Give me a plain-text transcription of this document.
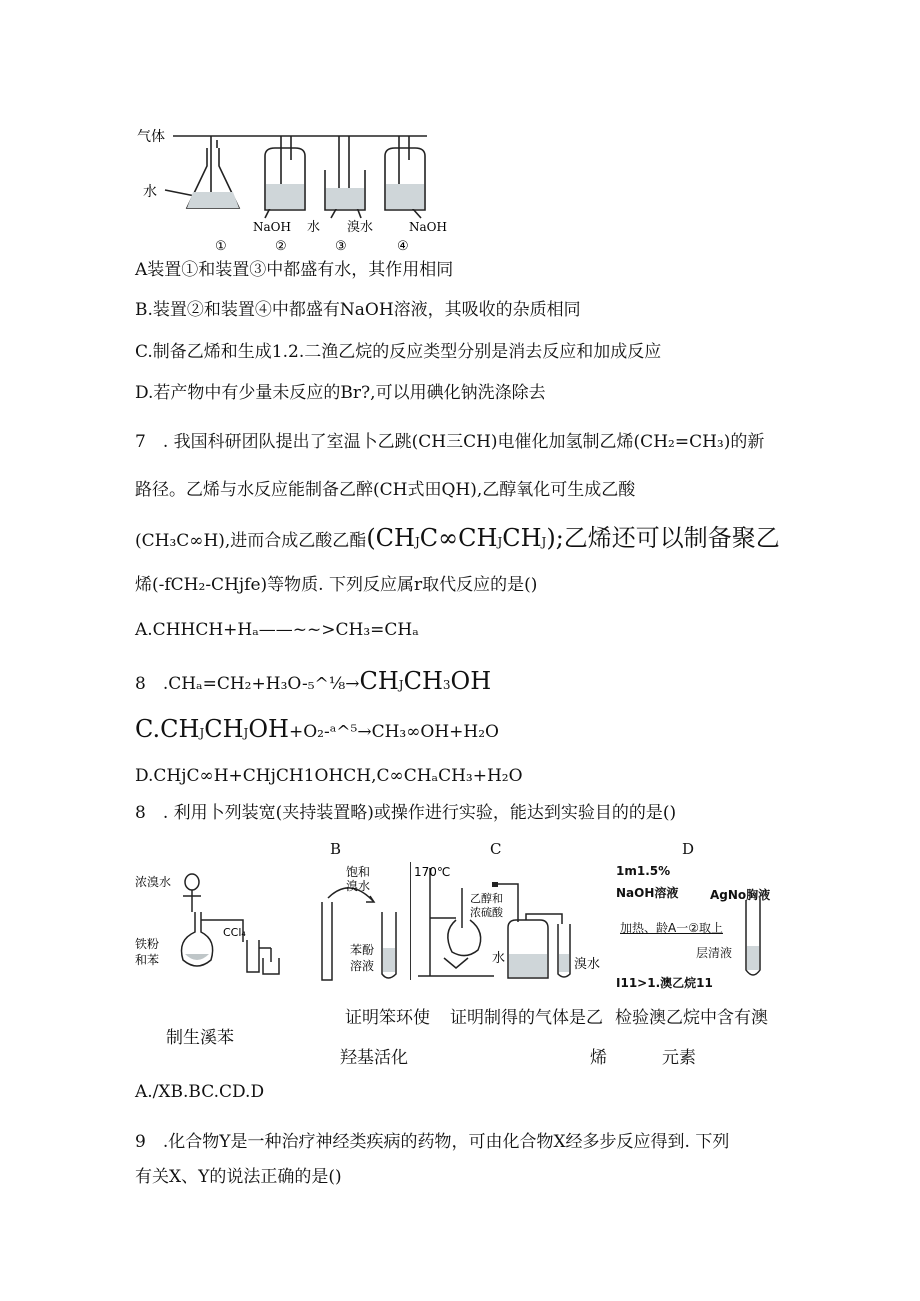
气体
水
NaOH 水 溴水	NaOH
①	②	③	④
A装置①和装置③中都盛有水，其作用相同
B.装置②和装置④中都盛有NaOH溶液，其吸收的杂质相同
C.制备乙烯和生成1.2.二渔乙烷的反应类型分别是消去反应和加成反应
D.若产物中有少量未反应的Br?,可以用碘化钠洗涤除去
7　. 我国科研团队提出了室温卜乙跳(CH三CH)电催化加氢制乙烯(CH₂=CH₃)的新
路径。乙烯与水反应能制备乙醉(CH式田QH),乙醇氧化可生成乙酸
(CH₃C∞H),进而合成乙酸乙酯(CHJC∞CHJCHJ);乙烯还可以制备聚乙
烯(-fCH₂-CHjfe)等物质. 下列反应属r取代反应的是()
A.CHHCH+Hₐ——~~>CH₃=CHₐ
8　.CHₐ=CH₂+H₃O-₅^⅛→CHJCH3OH
C.CHJCHJOH+O₂-ᵃ^⁵→CH₃∞OH+H₂O
D.CHjC∞H+CHjCH1OHCH,C∞CHₐCH₃+H₂O
8　. 利用卜列装宽(夹持装置略)或操作进行实验，能达到实验目的的是()
B	C	D
浓溴水
CCl₄
铁粉
和苯
饱和
溴水
苯酚
溶液
170℃
乙醇和
浓硫酸
水	溴水
1m1.5%
NaOH溶液	AgNo胸液
加热、龄A一②取上
层清液
I11>1.澳乙烷11
制生溪苯
证明笨环使
羟基活化
证明制得的气体是乙
烯
检验澳乙烷中含有澳
元素
A./XB.BC.CD.D
9　.化合物Y是一种治疗神经类疾病的药物，可由化合物X经多步反应得到. 下列
有关X、Y的说法正确的是()
